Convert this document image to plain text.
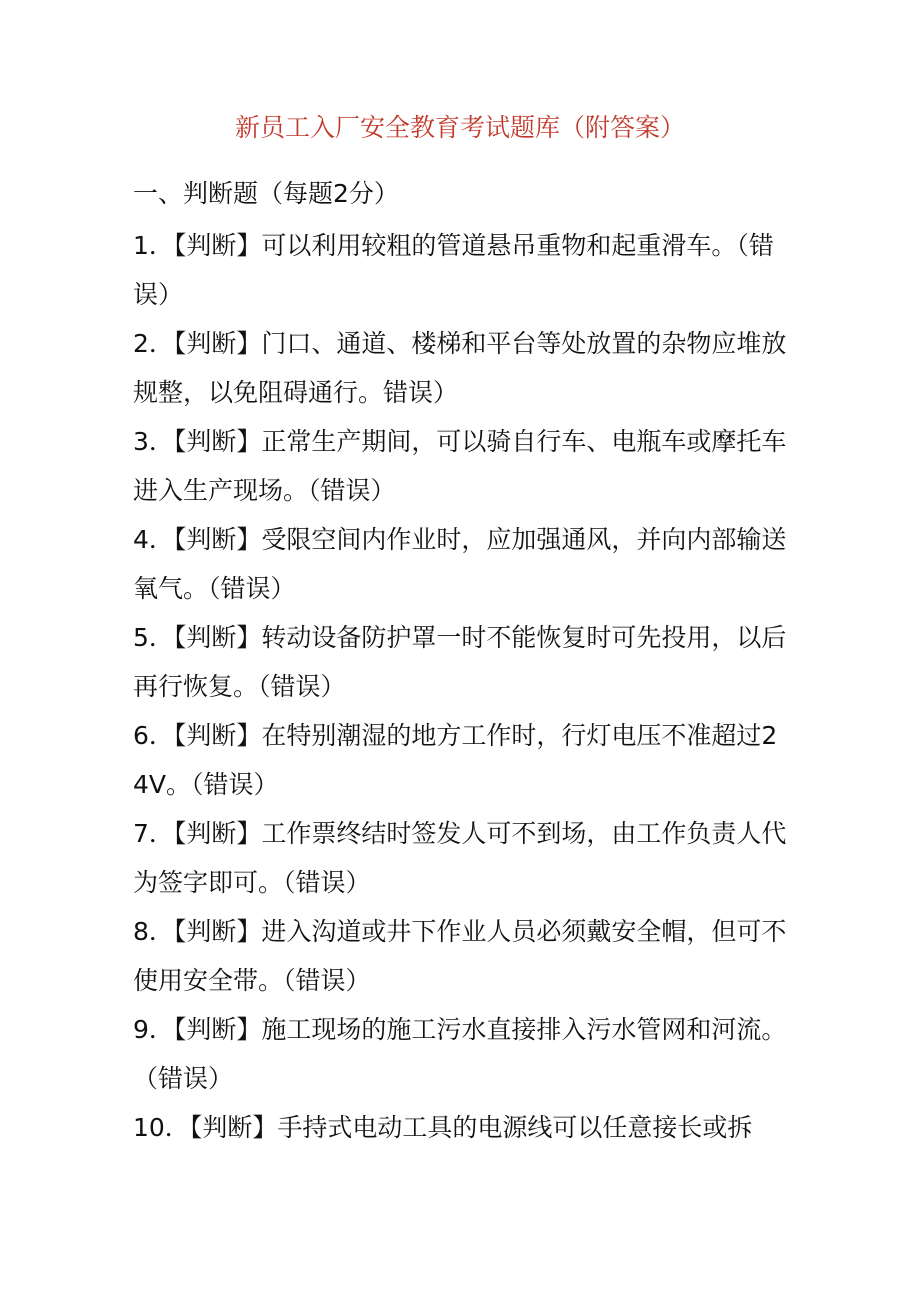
新员工入厂安全教育考试题库（附答案）
一、判断题（每题2分）
1．【判断】可以利用较粗的管道悬吊重物和起重滑车。（错误）
2．【判断】门口、通道、楼梯和平台等处放置的杂物应堆放规整，以免阻碍通行。错误）
3．【判断】正常生产期间，可以骑自行车、电瓶车或摩托车进入生产现场。（错误）
4．【判断】受限空间内作业时，应加强通风，并向内部输送氧气。（错误）
5．【判断】转动设备防护罩一时不能恢复时可先投用，以后再行恢复。（错误）
6．【判断】在特别潮湿的地方工作时，行灯电压不准超过24V。（错误）
7．【判断】工作票终结时签发人可不到场，由工作负责人代为签字即可。（错误）
8．【判断】进入沟道或井下作业人员必须戴安全帽，但可不使用安全带。（错误）
9．【判断】施工现场的施工污水直接排入污水管网和河流。（错误）
10．【判断】手持式电动工具的电源线可以任意接长或拆
